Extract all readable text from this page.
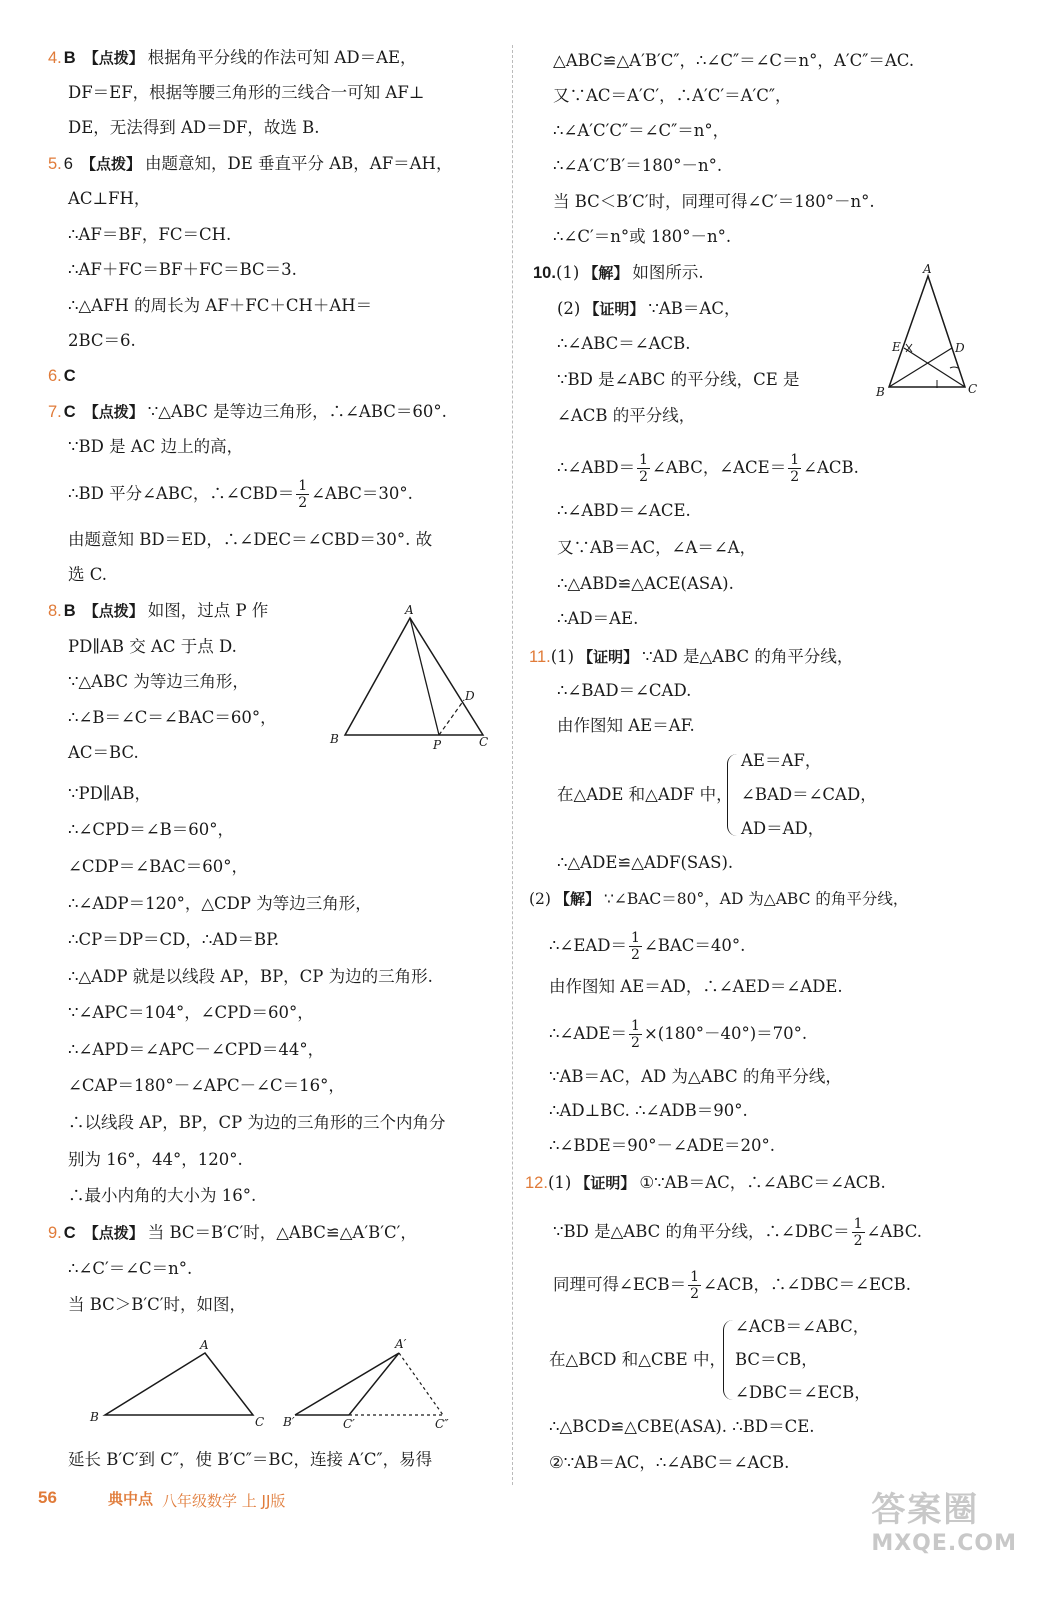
4. B 【点拨】 根据角平分线的作法可知 AD＝AE，
DF＝EF，根据等腰三角形的三线合一可知 AF⊥
DE，无法得到 AD＝DF，故选 B.
5. 6 【点拨】 由题意知，DE 垂直平分 AB，AF＝AH，
AC⊥FH，
∴AF＝BF，FC＝CH.
∴AF＋FC＝BF＋FC＝BC＝3.
∴△AFH 的周长为 AF＋FC＋CH＋AH＝
2BC＝6.
6. C
7. C 【点拨】 ∵△ABC 是等边三角形，∴∠ABC＝60°.
∵BD 是 AC 边上的高，
∴BD 平分∠ABC，∴∠CBD＝ $\frac{1}{2}$ ∠ABC＝30°.
由题意知 BD＝ED，∴∠DEC＝∠CBD＝30°. 故
选 C.
8. B 【点拨】 如图，过点 P 作
PD∥AB 交 AC 于点 D.
∵△ABC 为等边三角形，
∴∠B＝∠C＝∠BAC＝60°，
AC＝BC.
∵PD∥AB，
∴∠CPD＝∠B＝60°，
∠CDP＝∠BAC＝60°，
∴∠ADP＝120°，△CDP 为等边三角形，
∴CP＝DP＝CD，∴AD＝BP.
∴△ADP 就是以线段 AP，BP，CP 为边的三角形.
∵∠APC＝104°，∠CPD＝60°，
∴∠APD＝∠APC－∠CPD＝44°，
∠CAP＝180°－∠APC－∠C＝16°，
∴以线段 AP，BP，CP 为边的三角形的三个内角分
别为 16°，44°，120°.
∴最小内角的大小为 16°.
A
B	C
D
P
9. C 【点拨】 当 BC＝B′C′时，△ABC≌△A′B′C′，
∴∠C′＝∠C＝n°.
当 BC＞B′C′时，如图，
A
B	C
A′
B′	C′	C″
延长 B′C′到 C″，使 B′C″＝BC，连接 A′C″，易得
△ABC≌△A′B′C″，∴∠C″＝∠C＝n°，A′C″＝AC.
又∵AC＝A′C′，∴A′C′＝A′C″，
∴∠A′C′C″＝∠C″＝n°，
∴∠A′C′B′＝180°－n°.
当 BC＜B′C′时，同理可得∠C′＝180°－n°.
∴∠C′＝n°或 180°－n°.
10.(1) 【解】 如图所示.
(2) 【证明】 ∵AB＝AC，
∴∠ABC＝∠ACB.
∵BD 是∠ABC 的平分线，CE 是
∠ACB 的平分线，
∴∠ABD＝ $\frac{1}{2}$ ∠ABC，∠ACE＝ $\frac{1}{2}$ ∠ACB.
∴∠ABD＝∠ACE.
又∵AB＝AC，∠A＝∠A，
∴△ABD≌△ACE(ASA).
∴AD＝AE.
A
B	C
D
E
11.(1) 【证明】 ∵AD 是△ABC 的角平分线，
∴∠BAD＝∠CAD.
由作图知 AE＝AF.
在△ADE 和△ADF 中，
AE＝AF，
∠BAD＝∠CAD，
AD＝AD，
∴△ADE≌△ADF(SAS).
(2) 【解】 ∵∠BAC＝80°，AD 为△ABC 的角平分线，
∴∠EAD＝ $\frac{1}{2}$ ∠BAC＝40°.
由作图知 AE＝AD，∴∠AED＝∠ADE.
∴∠ADE＝ $\frac{1}{2} \times(180^\circ-40^\circ)=70^\circ$.
∵AB＝AC，AD 为△ABC 的角平分线，
∴AD⊥BC. ∴∠ADB＝90°.
∴∠BDE＝90°－∠ADE＝20°.
12.(1) 【证明】 ①∵AB＝AC，∴∠ABC＝∠ACB.
∵BD 是△ABC 的角平分线，∴∠DBC＝ $\frac{1}{2}$ ∠ABC.
同理可得∠ECB＝ $\frac{1}{2}$ ∠ACB，∴∠DBC＝∠ECB.
在△BCD 和△CBE 中，
∠ACB＝∠ABC，
BC＝CB，
∠DBC＝∠ECB，
∴△BCD≌△CBE(ASA). ∴BD＝CE.
②∵AB＝AC，∴∠ABC＝∠ACB.
56	典中点 八年级数学 上 JJ版	答案圈
MXQE.COM
